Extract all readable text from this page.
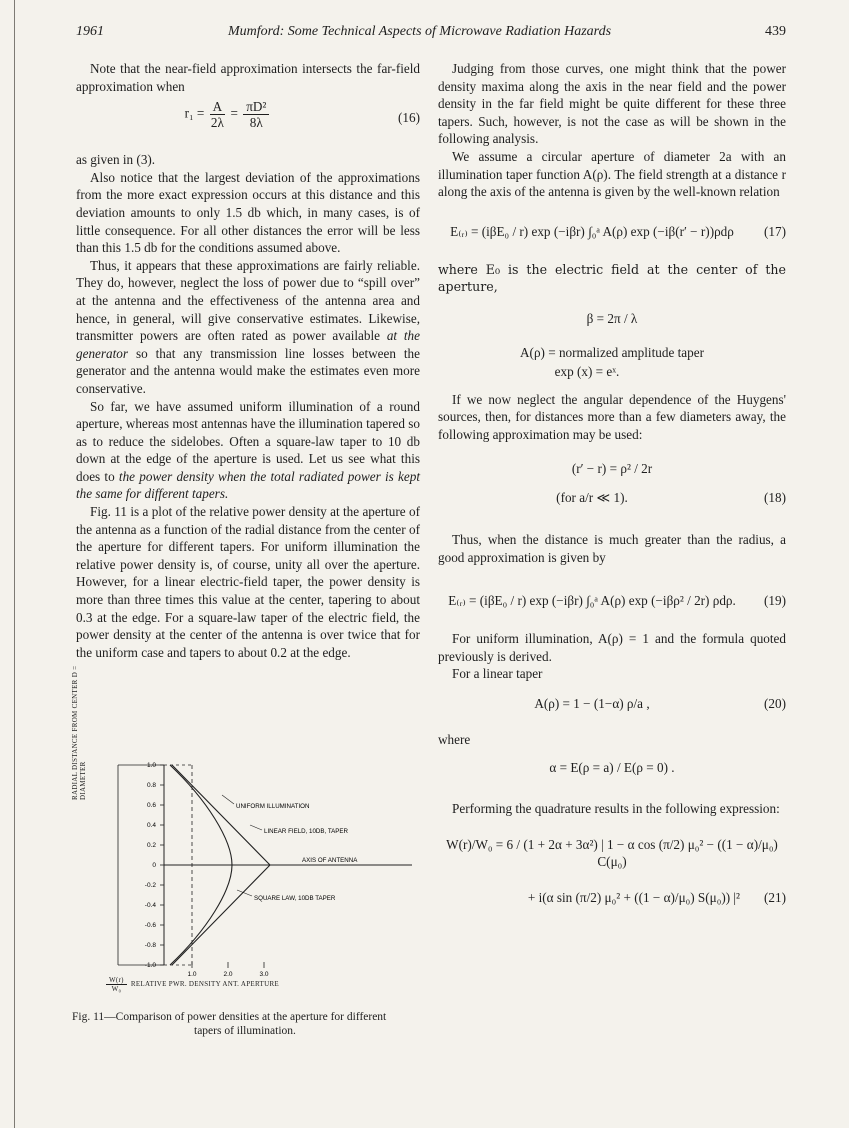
1961	Mumford: Some Technical Aspects of Microwave Radiation Hazards	439

Note that the near-field approximation intersects the far-field approximation when

$r_1 = \frac{A}{2\lambda} = \frac{\text{πD²}}{8\lambda}$	(16)

as given in (3).

Also notice that the largest deviation of the approximations from the more exact expression occurs at this distance and this deviation amounts to only 1.5 db which, in many cases, is of little consequence. For all other distances the error will be less than this 1.5 db for the conditions assumed above.

Thus, it appears that these approximations are fairly reliable. They do, however, neglect the loss of power due to “spill over” at the antenna and the effectiveness of the antenna area and hence, in general, will give conservative estimates. Likewise, transmitter powers are often rated as power available at the generator so that any transmission line losses between the generator and the antenna would make the estimates even more conservative.

So far, we have assumed uniform illumination of a round aperture, whereas most antennas have the illumination tapered so as to reduce the sidelobes. Often a square-law taper to 10 db down at the edge of the aperture is used. Let us see what this does to the power density when the total radiated power is kept the same for different tapers.

Fig. 11 is a plot of the relative power density at the aperture of the antenna as a function of the radial distance from the center of the aperture for different tapers. For uniform illumination the relative power density is, of course, unity all over the aperture. However, for a linear electric-field taper, the power density is more than three times this value at the center, tapering to about 0.3 at the edge. For a square-law taper of the electric field, the power density at the center of the antenna is over twice that for the uniform case and tapers to about 0.2 at the edge.

1.0
0.8
0.6
0.4
0.2
0
-0.2
-0.4
-0.6
-0.8
-1.0
1.0	2.0	3.0
UNIFORM ILLUMINATION
LINEAR FIELD, 10DB, TAPER
AXIS OF ANTENNA
SQUARE LAW, 10DB TAPER
RADIAL DISTANCE FROM CENTER D = DIAMETER
$\frac{W(r)}{\text{W₀}}$ RELATIVE PWR. DENSITY ANT. APERTURE
Fig. 11—Comparison of power densities at the aperture for different
tapers of illumination.

Judging from those curves, one might think that the power density maxima along the axis in the near field and the power density in the far field might be quite different for these three tapers. Such, however, is not the case as will be shown in the following analysis.

We assume a circular aperture of diameter 2a with an illumination taper function A(ρ). The field strength at a distance r along the axis of the antenna is given by the well-known relation

E₍ᵣ₎ = (iβE₀ / r) exp (−iβr) ∫₀ᵃ A(ρ) exp (−iβ(r′ − r))ρdρ	(17)

where E₀ is the electric field at the center of the aperture,

β = 2π / λ
A(ρ) = normalized amplitude taper
exp (x) = eˣ.

If we now neglect the angular dependence of the Huygens' sources, then, for distances more than a few diameters away, the following approximation may be used:

(r′ − r) = ρ² / 2r
(for a/r ≪ 1).	(18)

Thus, when the distance is much greater than the radius, a good approximation is given by

E₍ᵣ₎ = (iβE₀ / r) exp (−iβr) ∫₀ᵃ A(ρ) exp (−iβρ² / 2r) ρdρ.	(19)

For uniform illumination, A(ρ) = 1 and the formula quoted previously is derived.

For a linear taper

A(ρ) = 1 − (1−α) ρ/a ,	(20)

where

α = E(ρ = a) / E(ρ = 0) .

Performing the quadrature results in the following expression:

W(r)/W₀ = 6 / (1 + 2α + 3α²) | 1 − α cos (π/2) μ₀² − ((1 − α)/μ₀) C(μ₀)
+ i(α sin (π/2) μ₀² + ((1 − α)/μ₀) S(μ₀)) |²	(21)
